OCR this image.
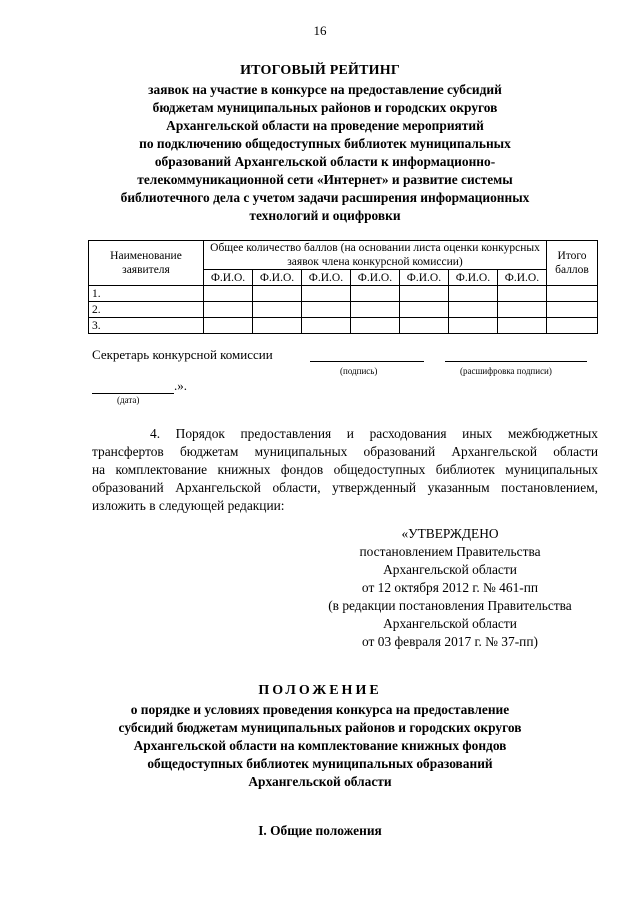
16
ИТОГОВЫЙ РЕЙТИНГ
заявок на участие в конкурсе на предоставление субсидий
бюджетам муниципальных районов и городских округов
Архангельской области на проведение мероприятий
по подключению общедоступных библиотек муниципальных
образований Архангельской области к информационно-
телекоммуникационной сети «Интернет» и развитие системы
библиотечного дела с учетом задачи расширения информационных
технологий и оцифровки
Наименование заявителя	Общее количество баллов (на основании листа оценки конкурсных заявок члена конкурсной комиссии)							Итого баллов
	Ф.И.О.	Ф.И.О.	Ф.И.О.	Ф.И.О.	Ф.И.О.	Ф.И.О.	Ф.И.О.	
1.								
2.								
3.								
Секретарь конкурсной комиссии
(подпись)	(расшифровка подписи)
.».
(дата)
4. Порядок предоставления и расходования иных межбюджетных
трансфертов бюджетам муниципальных образований Архангельской области
на комплектование книжных фондов общедоступных библиотек муниципальных
образований Архангельской области, утвержденный указанным постановлением,
изложить в следующей редакции:
«УТВЕРЖДЕНО
постановлением Правительства
Архангельской области
от 12 октября 2012 г. № 461-пп
(в редакции постановления Правительства
Архангельской области
от 03 февраля 2017 г. № 37-пп)
ПОЛОЖЕНИЕ
о порядке и условиях проведения конкурса на предоставление
субсидий бюджетам муниципальных районов и городских округов
Архангельской области на комплектование книжных фондов
общедоступных библиотек муниципальных образований
Архангельской области
I. Общие положения
